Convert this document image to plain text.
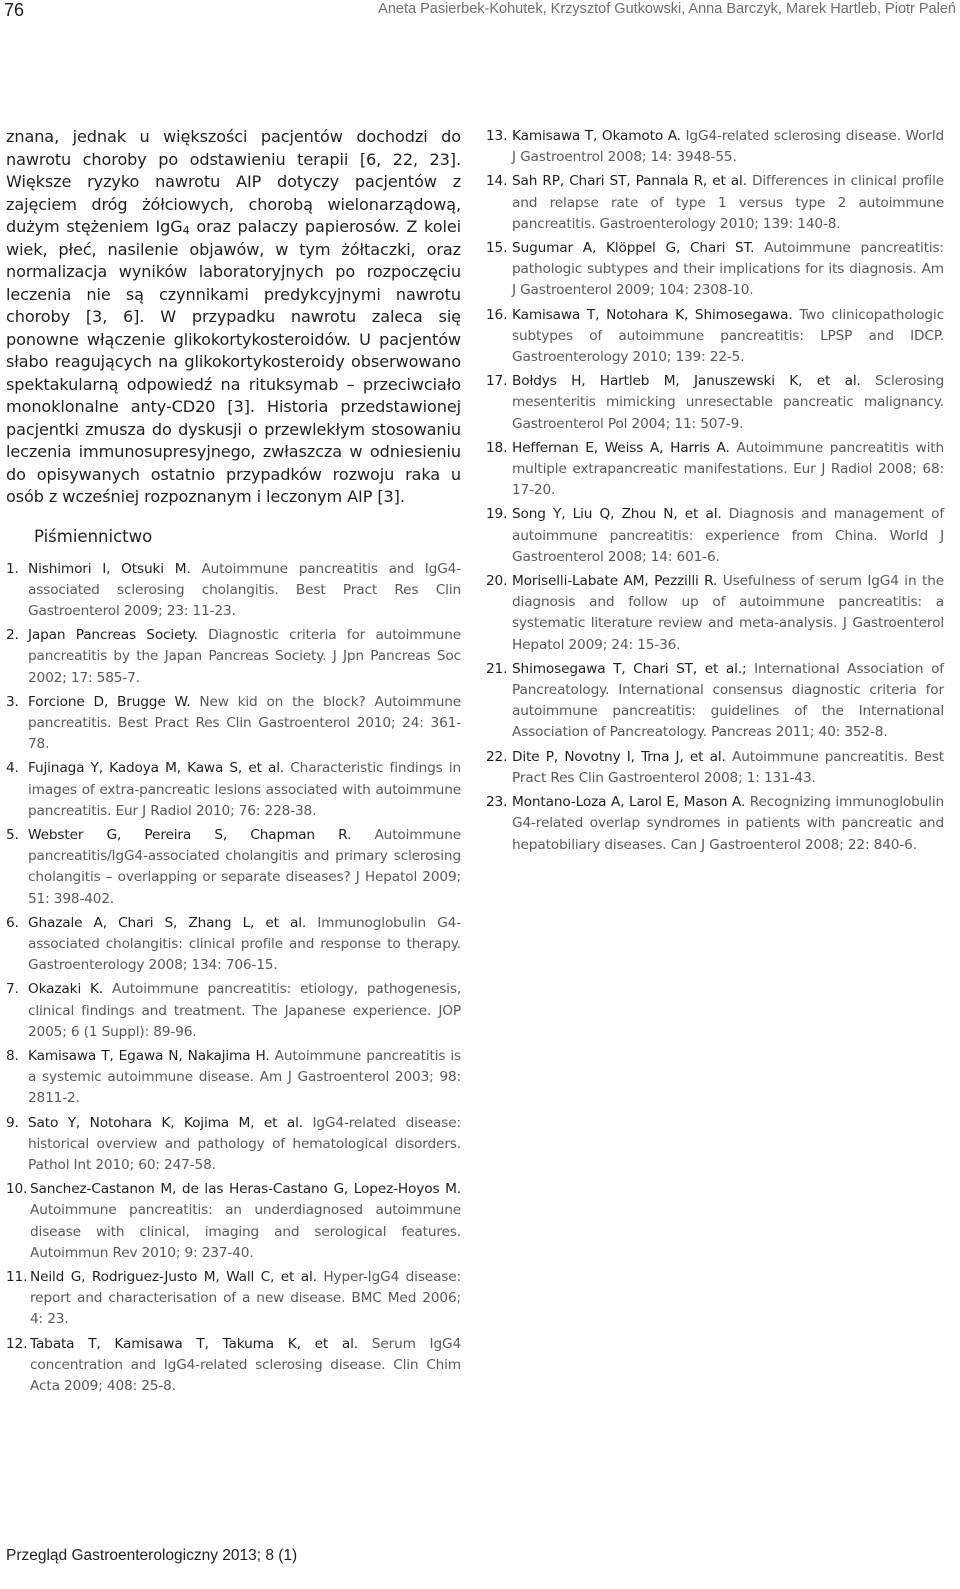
76	Aneta Pasierbek-Kohutek, Krzysztof Gutkowski, Anna Barczyk, Marek Hartleb, Piotr Paleń

znana, jednak u większości pacjentów dochodzi do nawrotu choroby po odstawieniu terapii [6, 22, 23]. Większe ryzyko nawrotu AIP dotyczy pacjentów z zajęciem dróg żółciowych, chorobą wielonarządową, dużym stężeniem IgG$_4$ oraz palaczy papierosów. Z kolei wiek, płeć, nasilenie objawów, w tym żółtaczki, oraz normalizacja wyników laboratoryjnych po rozpoczęciu leczenia nie są czynnikami predykcyjnymi nawrotu choroby [3, 6]. W przypadku nawrotu zaleca się ponowne włączenie glikokortykosteroidów. U pacjentów słabo reagujących na glikokortykosteroidy obserwowano spektakularną odpowiedź na rituksymab – przeciwciało monoklonalne anty-CD20 [3]. Historia przedstawionej pacjentki zmusza do dyskusji o przewlekłym stosowaniu leczenia immunosupresyjnego, zwłaszcza w odniesieniu do opisywanych ostatnio przypadków rozwoju raka u osób z wcześniej rozpoznanym i leczonym AIP [3].

Piśmiennictwo
1. Nishimori I, Otsuki M. Autoimmune pancreatitis and IgG4-associated sclerosing cholangitis. Best Pract Res Clin Gastroenterol 2009; 23: 11-23.
2. Japan Pancreas Society. Diagnostic criteria for autoimmune pancreatitis by the Japan Pancreas Society. J Jpn Pancreas Soc 2002; 17: 585-7.
3. Forcione D, Brugge W. New kid on the block? Autoimmune pancreatitis. Best Pract Res Clin Gastroenterol 2010; 24: 361-78.
4. Fujinaga Y, Kadoya M, Kawa S, et al. Characteristic findings in images of extra-pancreatic lesions associated with autoimmune pancreatitis. Eur J Radiol 2010; 76: 228-38.
5. Webster G, Pereira S, Chapman R. Autoimmune pancreatitis/IgG4-associated cholangitis and primary sclerosing cholangitis – overlapping or separate diseases? J Hepatol 2009; 51: 398-402.
6. Ghazale A, Chari S, Zhang L, et al. Immunoglobulin G4-associated cholangitis: clinical profile and response to therapy. Gastroenterology 2008; 134: 706-15.
7. Okazaki K. Autoimmune pancreatitis: etiology, pathogenesis, clinical findings and treatment. The Japanese experience. JOP 2005; 6 (1 Suppl): 89-96.
8. Kamisawa T, Egawa N, Nakajima H. Autoimmune pancreatitis is a systemic autoimmune disease. Am J Gastroenterol 2003; 98: 2811-2.
9. Sato Y, Notohara K, Kojima M, et al. IgG4-related disease: historical overview and pathology of hematological disorders. Pathol Int 2010; 60: 247-58.
10. Sanchez-Castanon M, de las Heras-Castano G, Lopez-Hoyos M. Autoimmune pancreatitis: an underdiagnosed autoimmune disease with clinical, imaging and serological features. Autoimmun Rev 2010; 9: 237-40.
11. Neild G, Rodriguez-Justo M, Wall C, et al. Hyper-IgG4 disease: report and characterisation of a new disease. BMC Med 2006; 4: 23.
12. Tabata T, Kamisawa T, Takuma K, et al. Serum IgG4 concentration and IgG4-related sclerosing disease. Clin Chim Acta 2009; 408: 25-8.
13. Kamisawa T, Okamoto A. IgG4-related sclerosing disease. World J Gastroentrol 2008; 14: 3948-55.
14. Sah RP, Chari ST, Pannala R, et al. Differences in clinical profile and relapse rate of type 1 versus type 2 autoimmune pancreatitis. Gastroenterology 2010; 139: 140-8.
15. Sugumar A, Klöppel G, Chari ST. Autoimmune pancreatitis: pathologic subtypes and their implications for its diagnosis. Am J Gastroenterol 2009; 104: 2308-10.
16. Kamisawa T, Notohara K, Shimosegawa. Two clinicopathologic subtypes of autoimmune pancreatitis: LPSP and IDCP. Gastroenterology 2010; 139: 22-5.
17. Bołdys H, Hartleb M, Januszewski K, et al. Sclerosing mesenteritis mimicking unresectable pancreatic malignancy. Gastroenterol Pol 2004; 11: 507-9.
18. Heffernan E, Weiss A, Harris A. Autoimmune pancreatitis with multiple extrapancreatic manifestations. Eur J Radiol 2008; 68: 17-20.
19. Song Y, Liu Q, Zhou N, et al. Diagnosis and management of autoimmune pancreatitis: experience from China. World J Gastroenterol 2008; 14: 601-6.
20. Moriselli-Labate AM, Pezzilli R. Usefulness of serum IgG4 in the diagnosis and follow up of autoimmune pancreatitis: a systematic literature review and meta-analysis. J Gastroenterol Hepatol 2009; 24: 15-36.
21. Shimosegawa T, Chari ST, et al.; International Association of Pancreatology. International consensus diagnostic criteria for autoimmune pancreatitis: guidelines of the International Association of Pancreatology. Pancreas 2011; 40: 352-8.
22. Dite P, Novotny I, Trna J, et al. Autoimmune pancreatitis. Best Pract Res Clin Gastroenterol 2008; 1: 131-43.
23. Montano-Loza A, Larol E, Mason A. Recognizing immunoglobulin G4-related overlap syndromes in patients with pancreatic and hepatobiliary diseases. Can J Gastroenterol 2008; 22: 840-6.
Przegląd Gastroenterologiczny 2013; 8 (1)
